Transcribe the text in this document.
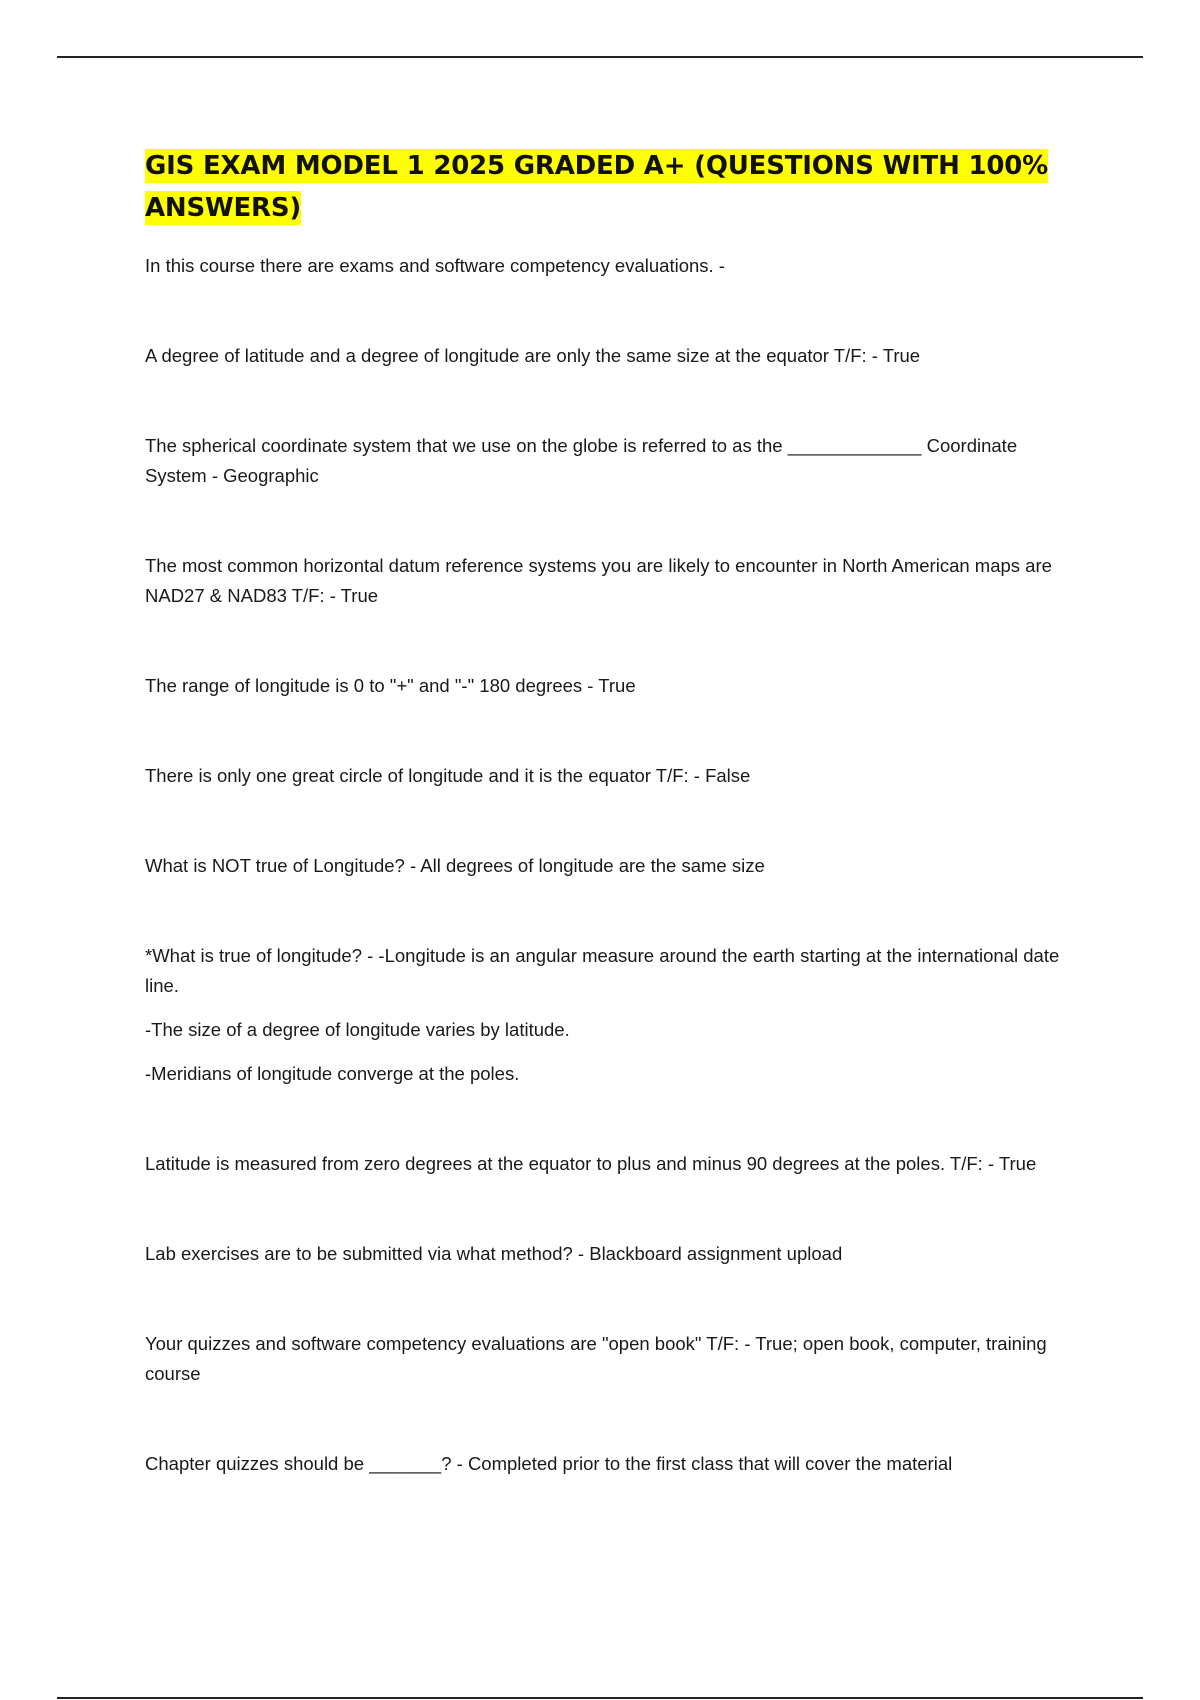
GIS EXAM MODEL 1 2025 GRADED A+ (QUESTIONS WITH 100% ANSWERS)

In this course there are exams and software competency evaluations. -

A degree of latitude and a degree of longitude are only the same size at the equator T/F: - True

The spherical coordinate system that we use on the globe is referred to as the _____________ Coordinate System - Geographic

The most common horizontal datum reference systems you are likely to encounter in North American maps are NAD27 & NAD83 T/F: - True

The range of longitude is 0 to "+" and "-" 180 degrees - True

There is only one great circle of longitude and it is the equator T/F: - False

What is NOT true of Longitude? - All degrees of longitude are the same size

*What is true of longitude? - -Longitude is an angular measure around the earth starting at the international date line.

-The size of a degree of longitude varies by latitude.

-Meridians of longitude converge at the poles.

Latitude is measured from zero degrees at the equator to plus and minus 90 degrees at the poles. T/F: - True

Lab exercises are to be submitted via what method? - Blackboard assignment upload

Your quizzes and software competency evaluations are "open book" T/F: - True; open book, computer, training course

Chapter quizzes should be _______? - Completed prior to the first class that will cover the material
